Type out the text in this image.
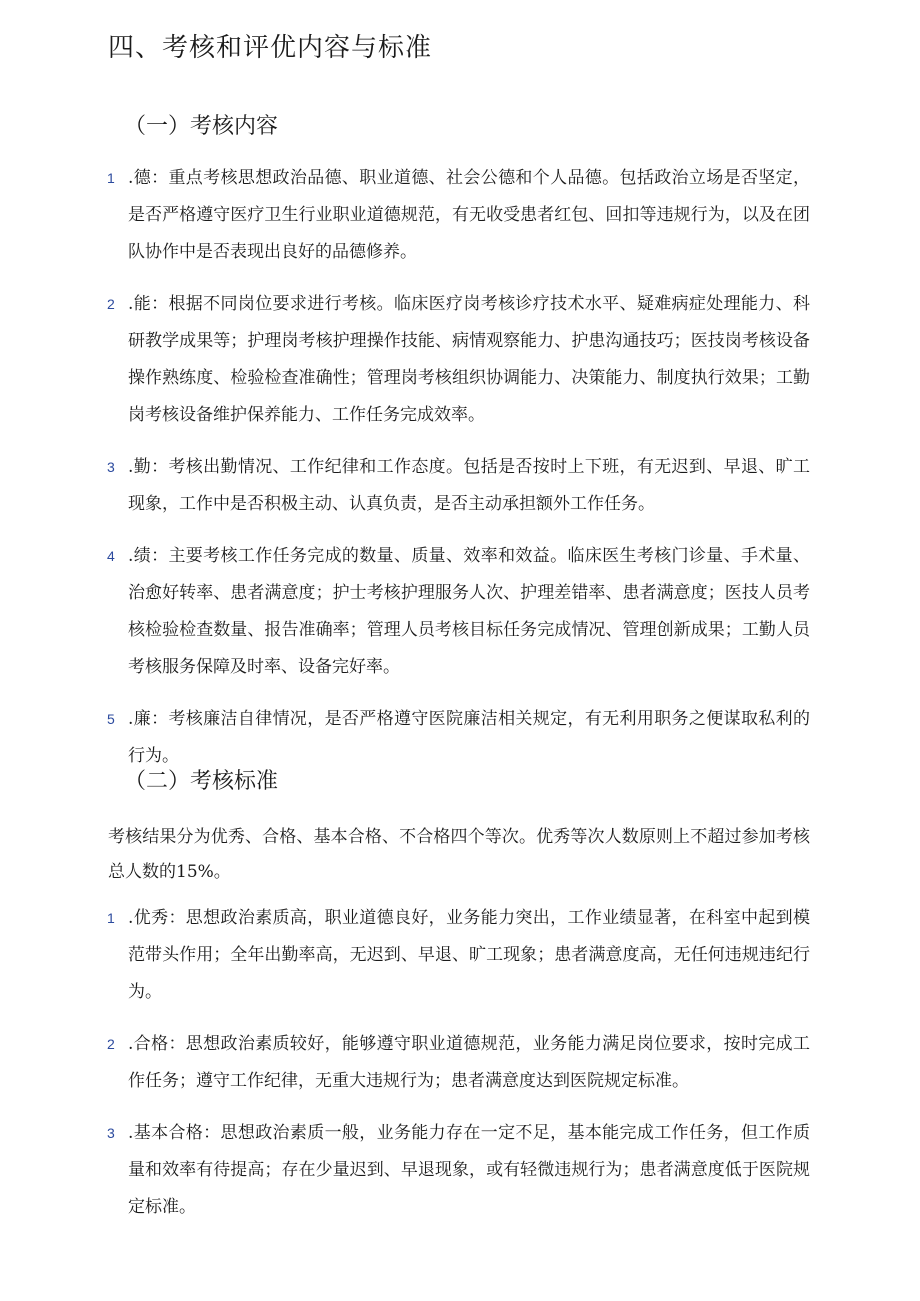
四、考核和评优内容与标准
（一）考核内容
1 .德：重点考核思想政治品德、职业道德、社会公德和个人品德。包括政治立场是否坚定，是否严格遵守医疗卫生行业职业道德规范，有无收受患者红包、回扣等违规行为，以及在团队协作中是否表现出良好的品德修养。
2 .能：根据不同岗位要求进行考核。临床医疗岗考核诊疗技术水平、疑难病症处理能力、科研教学成果等；护理岗考核护理操作技能、病情观察能力、护患沟通技巧；医技岗考核设备操作熟练度、检验检查准确性；管理岗考核组织协调能力、决策能力、制度执行效果；工勤岗考核设备维护保养能力、工作任务完成效率。
3 .勤：考核出勤情况、工作纪律和工作态度。包括是否按时上下班，有无迟到、早退、旷工现象，工作中是否积极主动、认真负责，是否主动承担额外工作任务。
4 .绩：主要考核工作任务完成的数量、质量、效率和效益。临床医生考核门诊量、手术量、治愈好转率、患者满意度；护士考核护理服务人次、护理差错率、患者满意度；医技人员考核检验检查数量、报告准确率；管理人员考核目标任务完成情况、管理创新成果；工勤人员考核服务保障及时率、设备完好率。
5 .廉：考核廉洁自律情况，是否严格遵守医院廉洁相关规定，有无利用职务之便谋取私利的行为。
（二）考核标准
考核结果分为优秀、合格、基本合格、不合格四个等次。优秀等次人数原则上不超过参加考核总人数的15%。
1 .优秀：思想政治素质高，职业道德良好，业务能力突出，工作业绩显著，在科室中起到模范带头作用；全年出勤率高，无迟到、早退、旷工现象；患者满意度高，无任何违规违纪行为。
2 .合格：思想政治素质较好，能够遵守职业道德规范，业务能力满足岗位要求，按时完成工作任务；遵守工作纪律，无重大违规行为；患者满意度达到医院规定标准。
3 .基本合格：思想政治素质一般，业务能力存在一定不足，基本能完成工作任务，但工作质量和效率有待提高；存在少量迟到、早退现象，或有轻微违规行为；患者满意度低于医院规定标准。
